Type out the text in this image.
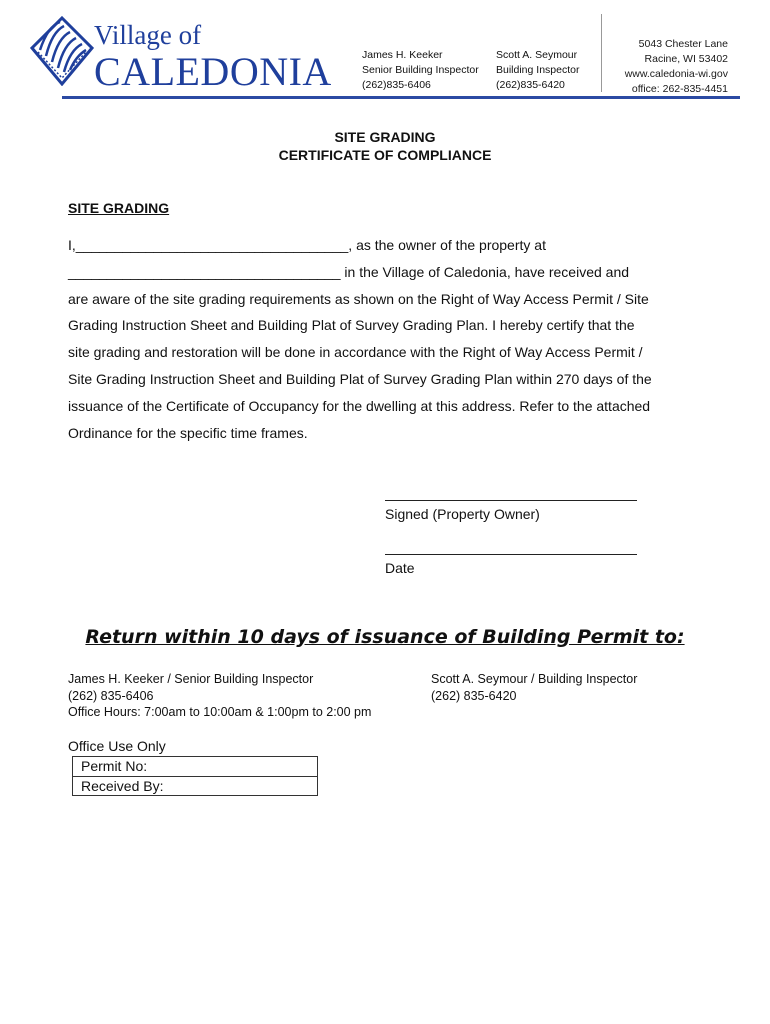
Village of
CALEDONIA	James H. Keeker
Senior Building Inspector
(262)835-6406
Scott A. Seymour
Building Inspector
(262)835-6420
5043 Chester Lane
Racine, WI 53402
www.caledonia-wi.gov
office: 262-835-4451
SITE GRADING
CERTIFICATE OF COMPLIANCE
SITE GRADING
I,___________________________________, as the owner of the property at
___________________________________ in the Village of Caledonia, have received and
are aware of the site grading requirements as shown on the Right of Way Access Permit / Site
Grading Instruction Sheet and Building Plat of Survey Grading Plan. I hereby certify that the
site grading and restoration will be done in accordance with the Right of Way Access Permit /
Site Grading Instruction Sheet and Building Plat of Survey Grading Plan within 270 days of the
issuance of the Certificate of Occupancy for the dwelling at this address. Refer to the attached
Ordinance for the specific time frames.
Signed (Property Owner)
Date
Return within 10 days of issuance of Building Permit to:
James H. Keeker / Senior Building Inspector
(262) 835-6406
Office Hours: 7:00am to 10:00am & 1:00pm to 2:00 pm
Scott A. Seymour / Building Inspector
(262) 835-6420
Office Use Only
Permit No:
Received By:
